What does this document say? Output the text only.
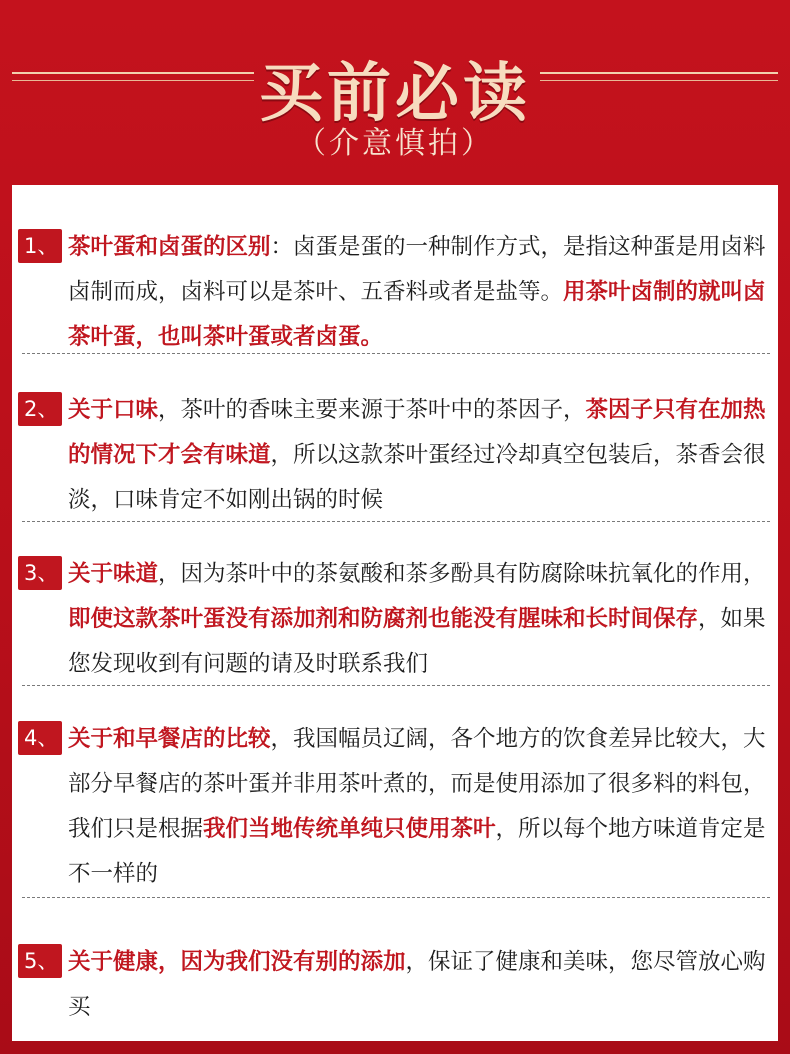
买前必读
（介意慎拍）
1、 茶叶蛋和卤蛋的区别：卤蛋是蛋的一种制作方式，是指这种蛋是用卤料卤制而成，卤料可以是茶叶、五香料或者是盐等。用茶叶卤制的就叫卤茶叶蛋，也叫茶叶蛋或者卤蛋。
2、 关于口味，茶叶的香味主要来源于茶叶中的茶因子，茶因子只有在加热的情况下才会有味道，所以这款茶叶蛋经过冷却真空包装后，茶香会很淡，口味肯定不如刚出锅的时候
3、 关于味道，因为茶叶中的茶氨酸和茶多酚具有防腐除味抗氧化的作用，即使这款茶叶蛋没有添加剂和防腐剂也能没有腥味和长时间保存，如果您发现收到有问题的请及时联系我们
4、 关于和早餐店的比较，我国幅员辽阔，各个地方的饮食差异比较大，大部分早餐店的茶叶蛋并非用茶叶煮的，而是使用添加了很多料的料包，我们只是根据我们当地传统单纯只使用茶叶，所以每个地方味道肯定是不一样的
5、 关于健康，因为我们没有别的添加，保证了健康和美味，您尽管放心购买
